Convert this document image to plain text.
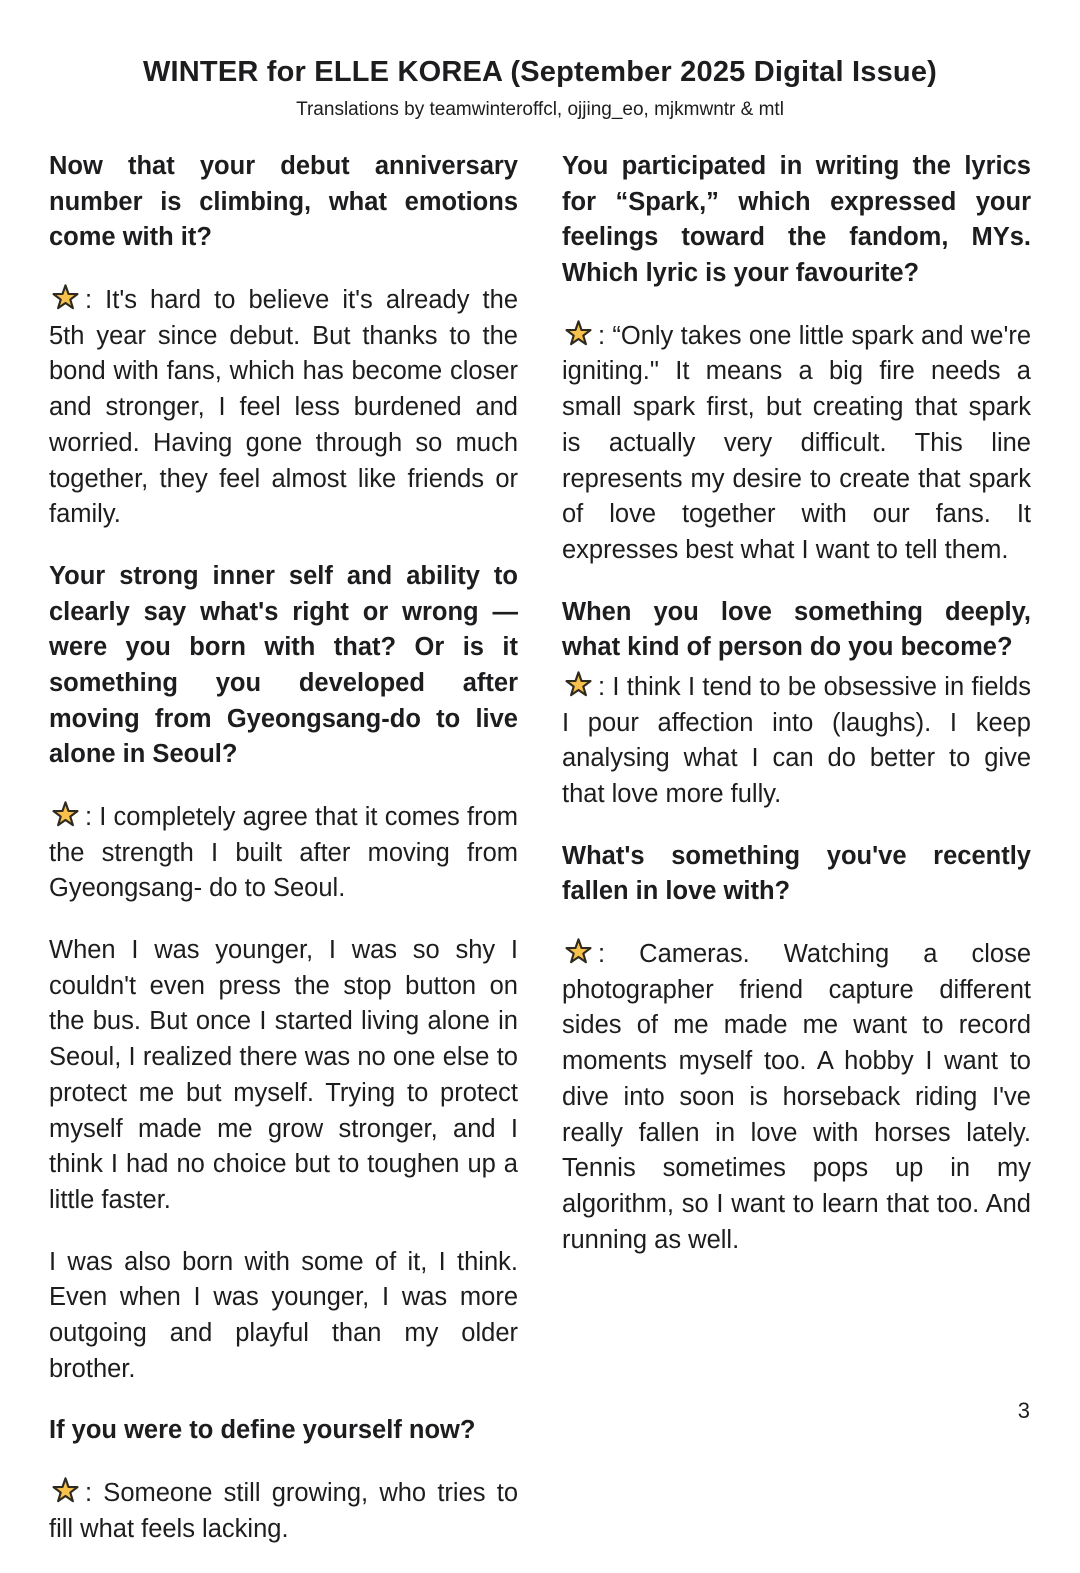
WINTER for ELLE KOREA (September 2025 Digital Issue)
Translations by teamwinteroffcl, ojjing_eo, mjkmwntr & mtl

Now that your debut anniversary number is climbing, what emotions come with it?

: It's hard to believe it's already the 5th year since debut. But thanks to the bond with fans, which has become closer and stronger, I feel less burdened and worried. Having gone through so much together, they feel almost like friends or family.

Your strong inner self and ability to clearly say what's right or wrong — were you born with that? Or is it something you developed after moving from Gyeongsang-do to live alone in Seoul?

: I completely agree that it comes from the strength I built after moving from Gyeongsang- do to Seoul.

When I was younger, I was so shy I couldn't even press the stop button on the bus. But once I started living alone in Seoul, I realized there was no one else to protect me but myself. Trying to protect myself made me grow stronger, and I think I had no choice but to toughen up a little faster.

I was also born with some of it, I think. Even when I was younger, I was more outgoing and playful than my older brother.

If you were to define yourself now?

: Someone still growing, who tries to fill what feels lacking.

You participated in writing the lyrics for “Spark,” which expressed your feelings toward the fandom, MYs. Which lyric is your favourite?

: “Only takes one little spark and we're igniting." It means a big fire needs a small spark first, but creating that spark is actually very difficult. This line represents my desire to create that spark of love together with our fans. It expresses best what I want to tell them.

When you love something deeply, what kind of person do you become?

: I think I tend to be obsessive in fields I pour affection into (laughs). I keep analysing what I can do better to give that love more fully.

What's something you've recently fallen in love with?

: Cameras. Watching a close photographer friend capture different sides of me made me want to record moments myself too. A hobby I want to dive into soon is horseback riding I've really fallen in love with horses lately. Tennis sometimes pops up in my algorithm, so I want to learn that too. And running as well.

3
